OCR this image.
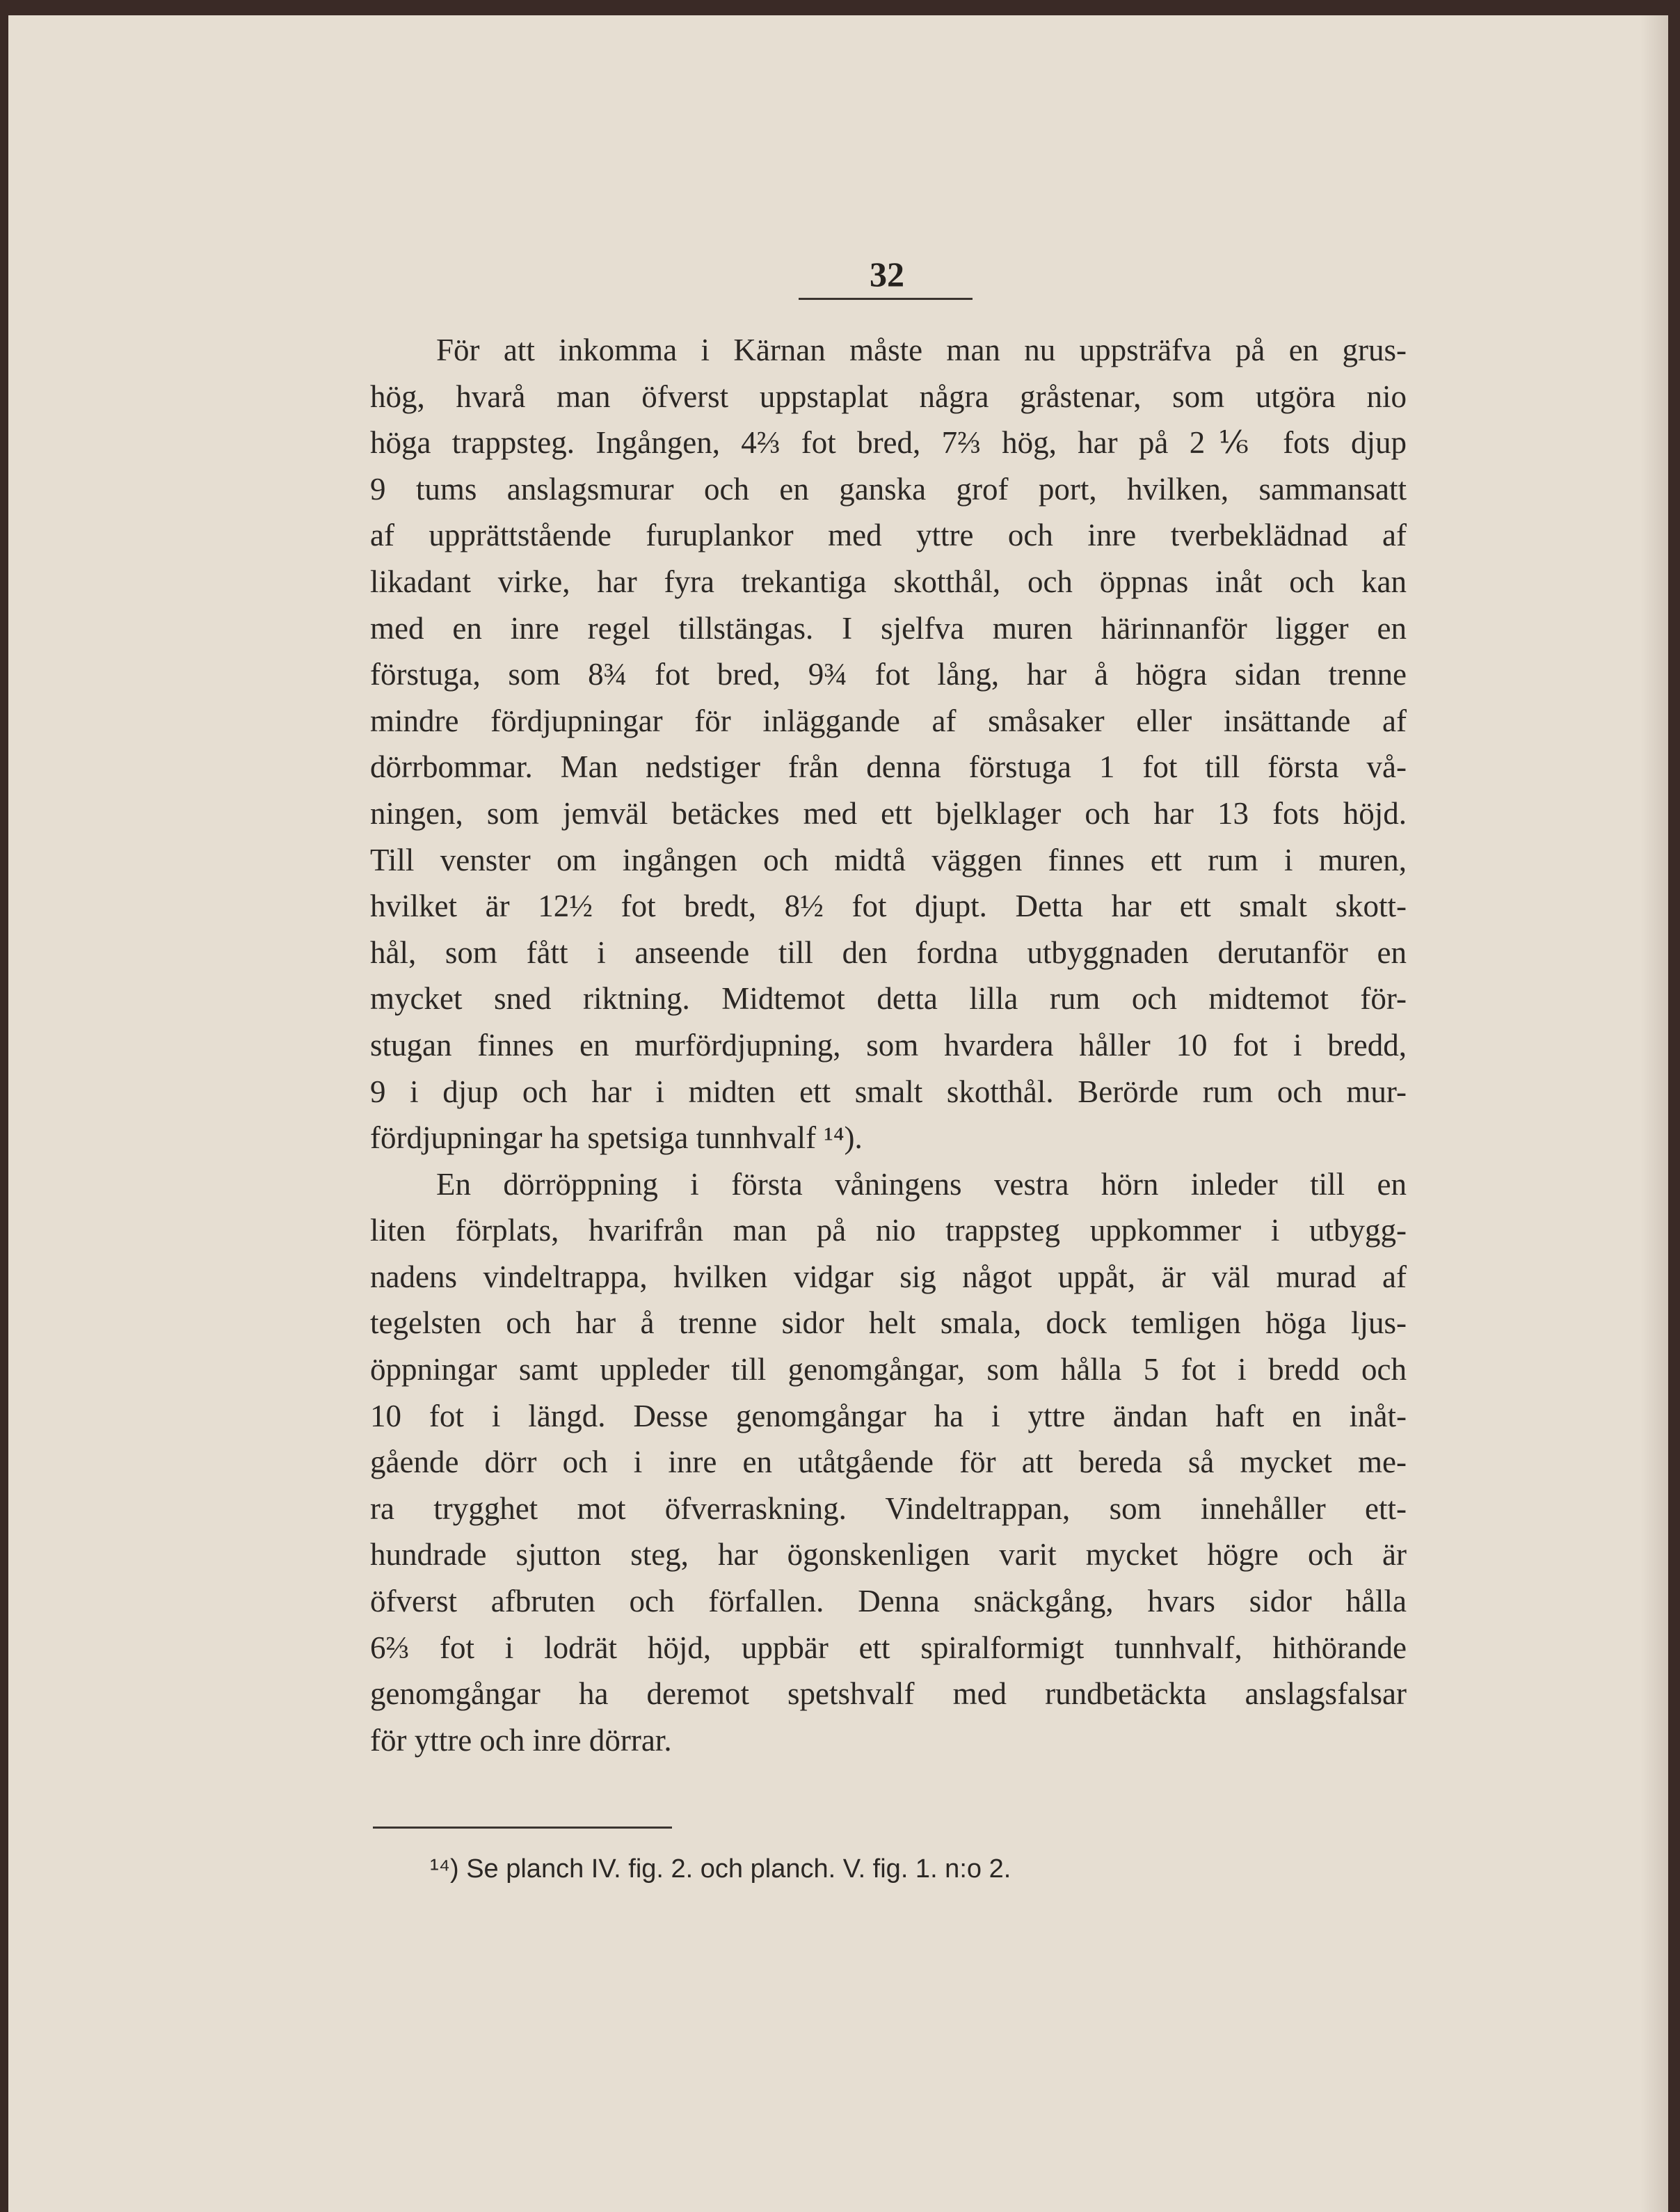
32
För att inkomma i Kärnan måste man nu uppsträfva på en grus-
hög, hvarå man öfverst uppstaplat några gråstenar, som utgöra nio
höga trappsteg. Ingången, 4⅔ fot bred, 7⅔ hög, har på 2⅙ fots djup
9 tums anslagsmurar och en ganska grof port, hvilken, sammansatt
af upprättstående furuplankor med yttre och inre tverbeklädnad af
likadant virke, har fyra trekantiga skotthål, och öppnas inåt och kan
med en inre regel tillstängas. I sjelfva muren härinnanför ligger en
förstuga, som 8¾ fot bred, 9¾ fot lång, har å högra sidan trenne
mindre fördjupningar för inläggande af småsaker eller insättande af
dörrbommar. Man nedstiger från denna förstuga 1 fot till första vå-
ningen, som jemväl betäckes med ett bjelklager och har 13 fots höjd.
Till venster om ingången och midtå väggen finnes ett rum i muren,
hvilket är 12½ fot bredt, 8½ fot djupt. Detta har ett smalt skott-
hål, som fått i anseende till den fordna utbyggnaden derutanför en
mycket sned riktning. Midtemot detta lilla rum och midtemot för-
stugan finnes en murfördjupning, som hvardera håller 10 fot i bredd,
9 i djup och har i midten ett smalt skotthål. Berörde rum och mur-
fördjupningar ha spetsiga tunnhvalf ¹⁴).
En dörröppning i första våningens vestra hörn inleder till en
liten förplats, hvarifrån man på nio trappsteg uppkommer i utbygg-
nadens vindeltrappa, hvilken vidgar sig något uppåt, är väl murad af
tegelsten och har å trenne sidor helt smala, dock temligen höga ljus-
öppningar samt uppleder till genomgångar, som hålla 5 fot i bredd och
10 fot i längd. Desse genomgångar ha i yttre ändan haft en inåt-
gående dörr och i inre en utåtgående för att bereda så mycket me-
ra trygghet mot öfverraskning. Vindeltrappan, som innehåller ett-
hundrade sjutton steg, har ögonskenligen varit mycket högre och är
öfverst afbruten och förfallen. Denna snäckgång, hvars sidor hålla
6⅔ fot i lodrät höjd, uppbär ett spiralformigt tunnhvalf, hithörande
genomgångar ha deremot spetshvalf med rundbetäckta anslagsfalsar
för yttre och inre dörrar.
¹⁴) Se planch IV. fig. 2. och planch. V. fig. 1. n:o 2.
